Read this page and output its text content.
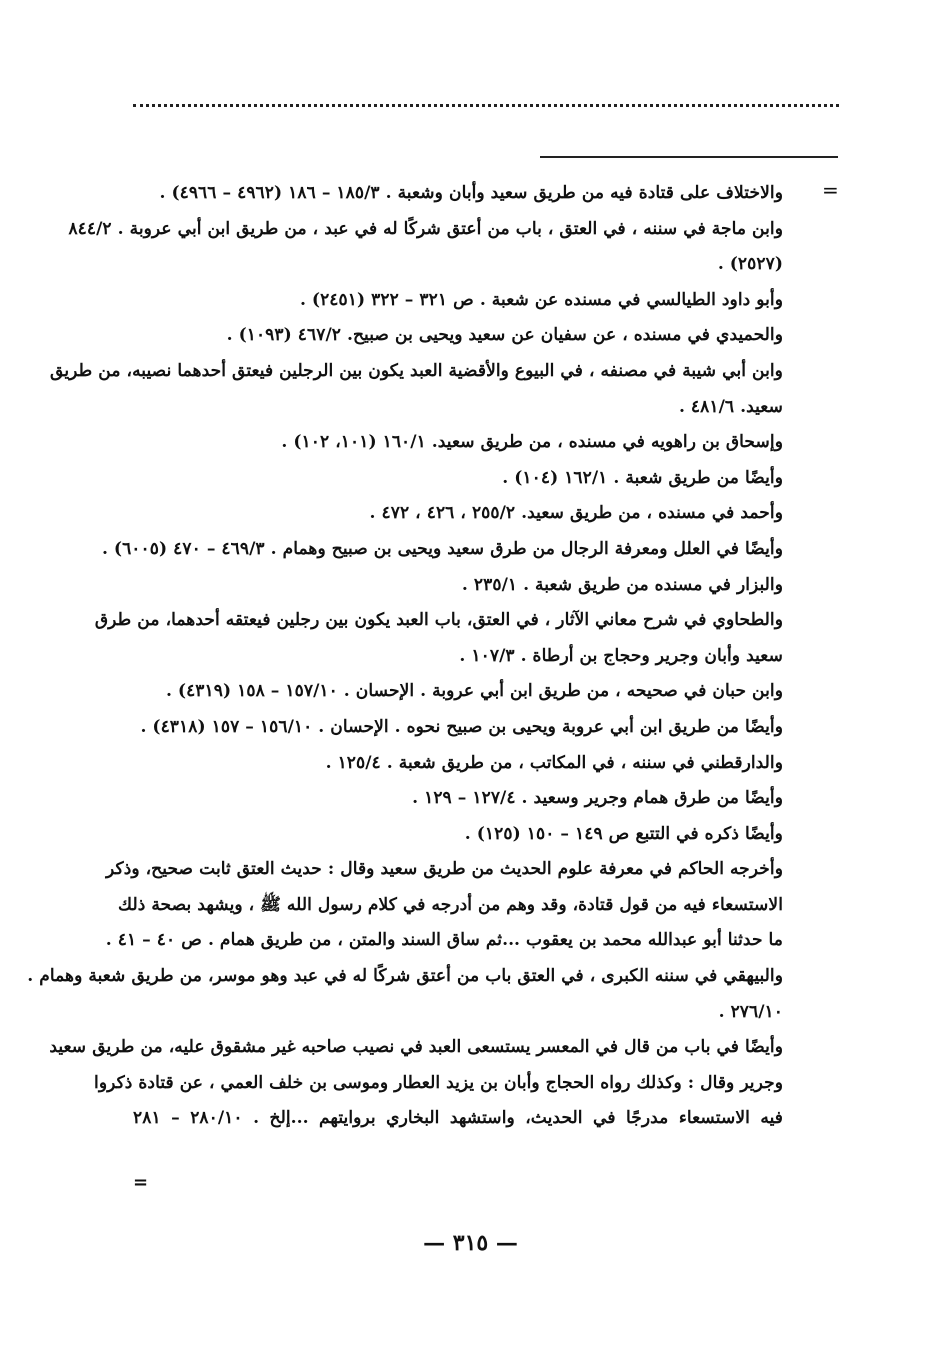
=
والاختلاف على قتادة فيه من طريق سعيد وأبان وشعبة . ١٨٥/٣ – ١٨٦ (٤٩٦٢ – ٤٩٦٦) .
وابن ماجة في سننه ، في العتق ، باب من أعتق شركًا له في عبد ، من طريق ابن أبي عروبة . ٨٤٤/٢
(٢٥٢٧) .
وأبو داود الطيالسي في مسنده عن شعبة . ص ٣٢١ – ٣٢٢ (٢٤٥١) .
والحميدي في مسنده ، عن سفيان عن سعيد ويحيى بن صبيح. ٤٦٧/٢ (١٠٩٣) .
وابن أبي شيبة في مصنفه ، في البيوع والأقضية العبد يكون بين الرجلين فيعتق أحدهما نصيبه، من طريق
سعيد. ٤٨١/٦ .
وإسحاق بن راهويه في مسنده ، من طريق سعيد. ١٦٠/١ (١٠١، ١٠٢) .
وأيضًا من طريق شعبة . ١٦٢/١ (١٠٤) .
وأحمد في مسنده ، من طريق سعيد. ٢٥٥/٢ ، ٤٢٦ ، ٤٧٢ .
وأيضًا في العلل ومعرفة الرجال من طرق سعيد ويحيى بن صبيح وهمام . ٤٦٩/٣ – ٤٧٠ (٦٠٠٥) .
والبزار في مسنده من طريق شعبة . ٢٣٥/١ .
والطحاوي في شرح معاني الآثار ، في العتق، باب العبد يكون بين رجلين فيعتقه أحدهما، من طرق
سعيد وأبان وجرير وحجاج بن أرطاة . ١٠٧/٣ .
وابن حبان في صحيحه ، من طريق ابن أبي عروبة . الإحسان . ١٥٧/١٠ – ١٥٨ (٤٣١٩) .
وأيضًا من طريق ابن أبي عروبة ويحيى بن صبيح نحوه . الإحسان . ١٥٦/١٠ – ١٥٧ (٤٣١٨) .
والدارقطني في سننه ، في المكاتب ، من طريق شعبة . ١٢٥/٤ .
وأيضًا من طرق همام وجرير وسعيد . ١٢٧/٤ – ١٢٩ .
وأيضًا ذكره في التتبع ص ١٤٩ – ١٥٠ (١٢٥) .
وأخرجه الحاكم في معرفة علوم الحديث من طريق سعيد وقال : حديث العتق ثابت صحيح، وذكر
الاستسعاء فيه من قول قتادة، وقد وهم من أدرجه في كلام رسول الله ﷺ ، ويشهد بصحة ذلك
ما حدثنا أبو عبدالله محمد بن يعقوب ...ثم ساق السند والمتن ، من طريق همام . ص ٤٠ – ٤١ .
والبيهقي في سننه الكبرى ، في العتق باب من أعتق شركًا له في عبد وهو موسر، من طريق شعبة وهمام .
٢٧٦/١٠ .
وأيضًا في باب من قال في المعسر يستسعى العبد في نصيب صاحبه غير مشقوق عليه، من طريق سعيد
وجرير وقال : وكذلك رواه الحجاج وأبان بن يزيد العطار وموسى بن خلف العمي ، عن قتادة ذكروا
فيه الاستسعاء مدرجًا في الحديث، واستشهد البخاري بروايتهم ...إلخ . ٢٨٠/١٠ – ٢٨١
=
— ٣١٥ —
